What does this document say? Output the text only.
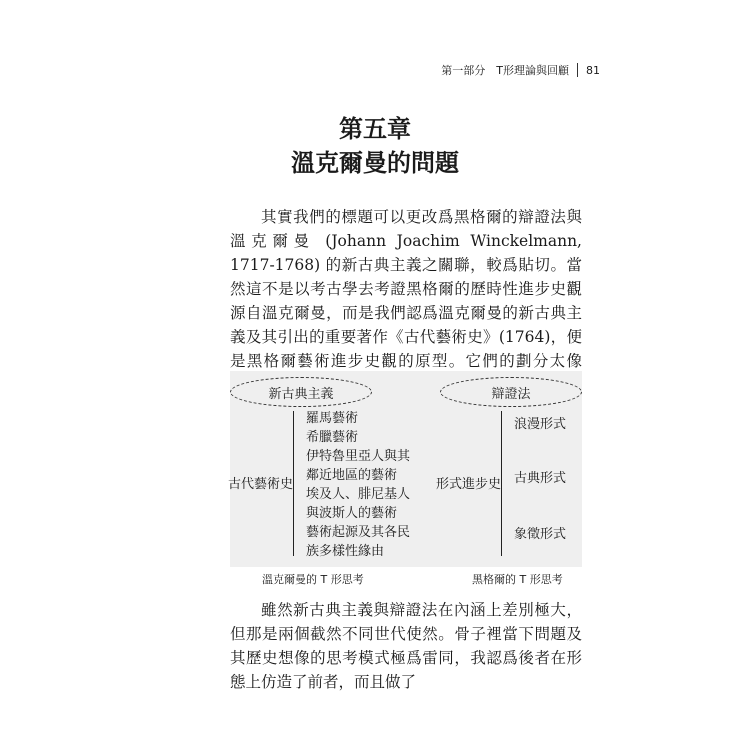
第一部分　T形理論與回顧 81
第五章
溫克爾曼的問題

其實我們的標題可以更改爲黑格爾的辯證法與溫克爾曼 (Johann Joachim Winckelmann, 1717-1768) 的新古典主義之關聯，較爲貼切。當然這不是以考古學去考證黑格爾的歷時性進步史觀源自溫克爾曼，而是我們認爲溫克爾曼的新古典主義及其引出的重要著作《古代藝術史》(1764)，便是黑格爾藝術進步史觀的原型。它們的劃分太像

新古典主義	辯證法
古代藝術史	形式進步史
羅馬藝術
希臘藝術
伊特魯里亞人與其
鄰近地區的藝術
埃及人、腓尼基人
與波斯人的藝術
藝術起源及其各民
族多樣性緣由
浪漫形式
古典形式
象徵形式
溫克爾曼的 T 形思考	黑格爾的 T 形思考

雖然新古典主義與辯證法在內涵上差別極大，但那是兩個截然不同世代使然。骨子裡當下問題及其歷史想像的思考模式極爲雷同，我認爲後者在形態上仿造了前者，而且做了
